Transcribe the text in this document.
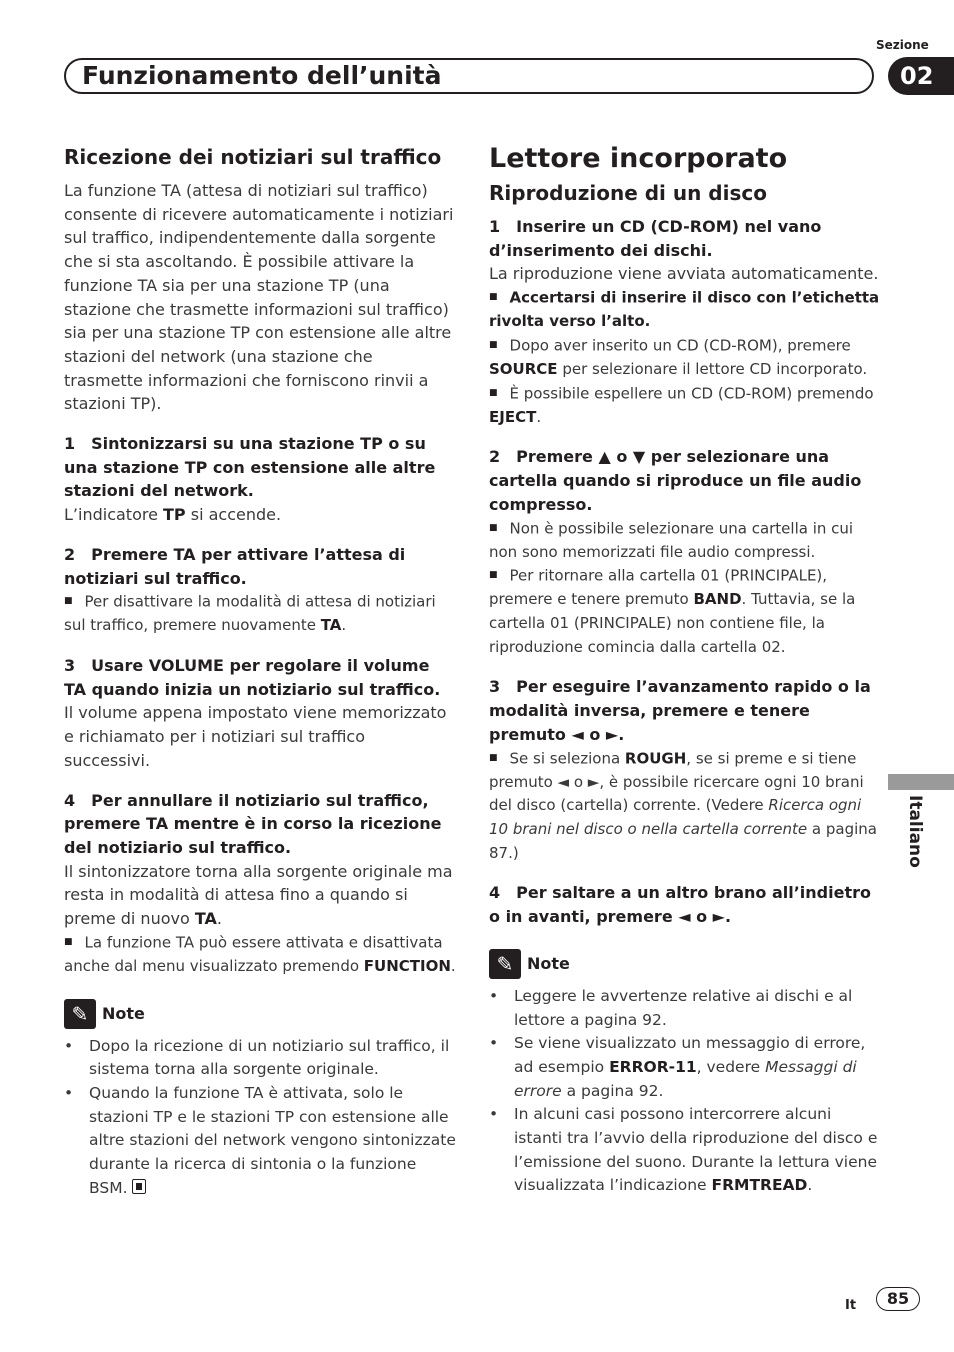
Sezione
Funzionamento dell’unità	02
Ricezione dei notiziari sul traffico

La funzione TA (attesa di notiziari sul traffico) consente di ricevere automaticamente i notiziari sul traffico, indipendentemente dalla sorgente che si sta ascoltando. È possibile attivare la funzione TA sia per una stazione TP (una stazione che trasmette informazioni sul traffico) sia per una stazione TP con estensione alle altre stazioni del network (una stazione che trasmette informazioni che forniscono rinvii a stazioni TP).

1 Sintonizzarsi su una stazione TP o su una stazione TP con estensione alle altre stazioni del network.

L’indicatore TP si accende.

2 Premere TA per attivare l’attesa di notiziari sul traffico.

■ Per disattivare la modalità di attesa di notiziari sul traffico, premere nuovamente TA.

3 Usare VOLUME per regolare il volume TA quando inizia un notiziario sul traffico.

Il volume appena impostato viene memorizzato e richiamato per i notiziari sul traffico successivi.

4 Per annullare il notiziario sul traffico, premere TA mentre è in corso la ricezione del notiziario sul traffico.

Il sintonizzatore torna alla sorgente originale ma resta in modalità di attesa fino a quando si preme di nuovo TA.

■ La funzione TA può essere attivata e disattivata anche dal menu visualizzato premendo FUNCTION.

✎ Note
• Dopo la ricezione di un notiziario sul traffico, il sistema torna alla sorgente originale.
• Quando la funzione TA è attivata, solo le stazioni TP e le stazioni TP con estensione alle altre stazioni del network vengono sintonizzate durante la ricerca di sintonia o la funzione BSM.
Lettore incorporato
Riproduzione di un disco

1 Inserire un CD (CD-ROM) nel vano d’inserimento dei dischi.

La riproduzione viene avviata automaticamente.

■ Accertarsi di inserire il disco con l’etichetta rivolta verso l’alto.

■ Dopo aver inserito un CD (CD-ROM), premere SOURCE per selezionare il lettore CD incorporato.

■ È possibile espellere un CD (CD-ROM) premendo EJECT.

2 Premere ▲ o ▼ per selezionare una cartella quando si riproduce un file audio compresso.

■ Non è possibile selezionare una cartella in cui non sono memorizzati file audio compressi.

■ Per ritornare alla cartella 01 (PRINCIPALE), premere e tenere premuto BAND. Tuttavia, se la cartella 01 (PRINCIPALE) non contiene file, la riproduzione comincia dalla cartella 02.

3 Per eseguire l’avanzamento rapido o la modalità inversa, premere e tenere premuto ◄ o ►.

■ Se si seleziona ROUGH, se si preme e si tiene premuto ◄ o ►, è possibile ricercare ogni 10 brani del disco (cartella) corrente. (Vedere Ricerca ogni 10 brani nel disco o nella cartella corrente a pagina 87.)

4 Per saltare a un altro brano all’indietro o in avanti, premere ◄ o ►.

✎ Note
• Leggere le avvertenze relative ai dischi e al lettore a pagina 92.
• Se viene visualizzato un messaggio di errore, ad esempio ERROR-11, vedere Messaggi di errore a pagina 92.
• In alcuni casi possono intercorrere alcuni istanti tra l’avvio della riproduzione del disco e l’emissione del suono. Durante la lettura viene visualizzata l’indicazione FRMTREAD.
Italiano
It	85
